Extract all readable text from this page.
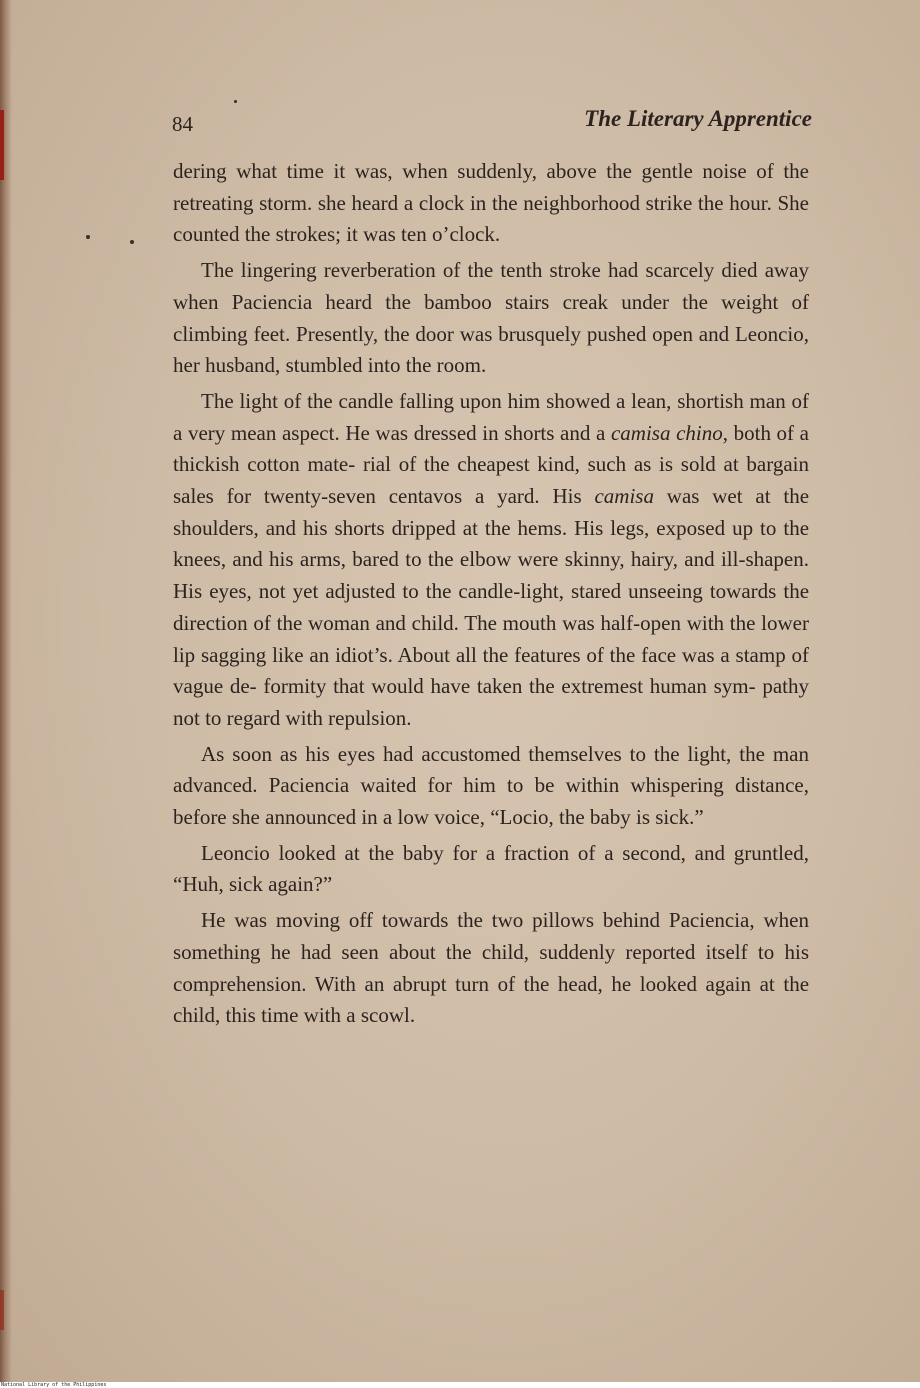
84	The Literary Apprentice

dering what time it was, when suddenly, above the gentle noise of the retreating storm. she heard a clock in the neighborhood strike the hour. She counted the strokes; it was ten o’clock.

The lingering reverberation of the tenth stroke had scarcely died away when Paciencia heard the bamboo stairs creak under the weight of climbing feet. Presently, the door was brusquely pushed open and Leoncio, her husband, stumbled into the room.

The light of the candle falling upon him showed a lean, shortish man of a very mean aspect. He was dressed in shorts and a camisa chino, both of a thickish cotton mate- rial of the cheapest kind, such as is sold at bargain sales for twenty-seven centavos a yard. His camisa was wet at the shoulders, and his shorts dripped at the hems. His legs, exposed up to the knees, and his arms, bared to the elbow were skinny, hairy, and ill-shapen. His eyes, not yet adjusted to the candle-light, stared unseeing towards the direction of the woman and child. The mouth was half-open with the lower lip sagging like an idiot’s. About all the features of the face was a stamp of vague de- formity that would have taken the extremest human sym- pathy not to regard with repulsion.

As soon as his eyes had accustomed themselves to the light, the man advanced. Paciencia waited for him to be within whispering distance, before she announced in a low voice, “Locio, the baby is sick.”

Leoncio looked at the baby for a fraction of a second, and gruntled, “Huh, sick again?”

He was moving off towards the two pillows behind Paciencia, when something he had seen about the child, suddenly reported itself to his comprehension. With an abrupt turn of the head, he looked again at the child, this time with a scowl.

National Library of the Philippines
